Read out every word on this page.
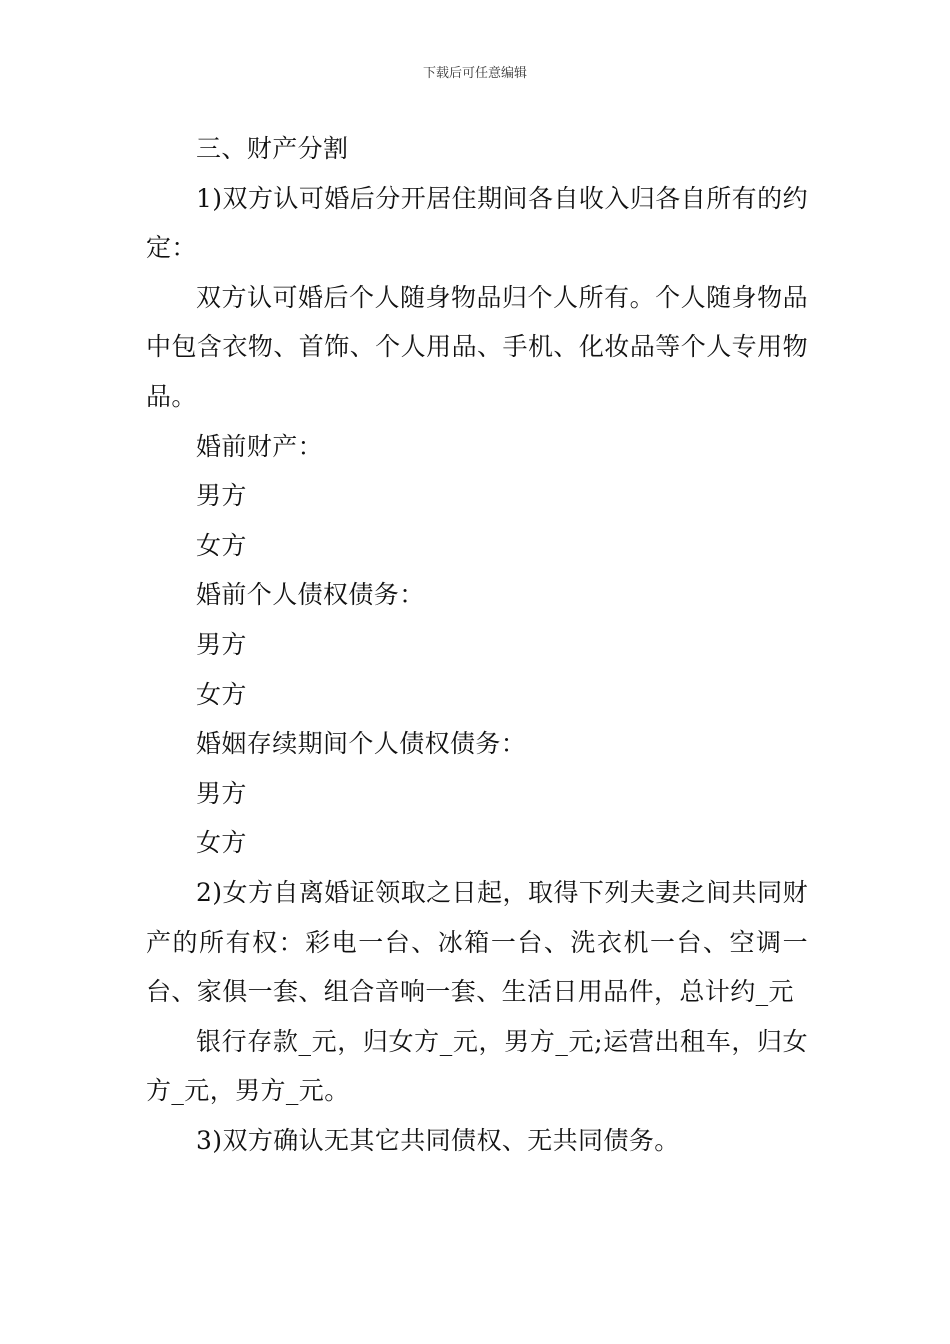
下载后可任意编辑

三、财产分割

1)双方认可婚后分开居住期间各自收入归各自所有的约定：

双方认可婚后个人随身物品归个人所有。个人随身物品中包含衣物、首饰、个人用品、手机、化妆品等个人专用物品。

婚前财产：

男方

女方

婚前个人债权债务：

男方

女方

婚姻存续期间个人债权债务：

男方

女方

2)女方自离婚证领取之日起，取得下列夫妻之间共同财产的所有权：彩电一台、冰箱一台、洗衣机一台、空调一台、家俱一套、组合音响一套、生活日用品件，总计约_元

银行存款_元，归女方_元，男方_元;运营出租车，归女方_元，男方_元。

3)双方确认无其它共同债权、无共同债务。
